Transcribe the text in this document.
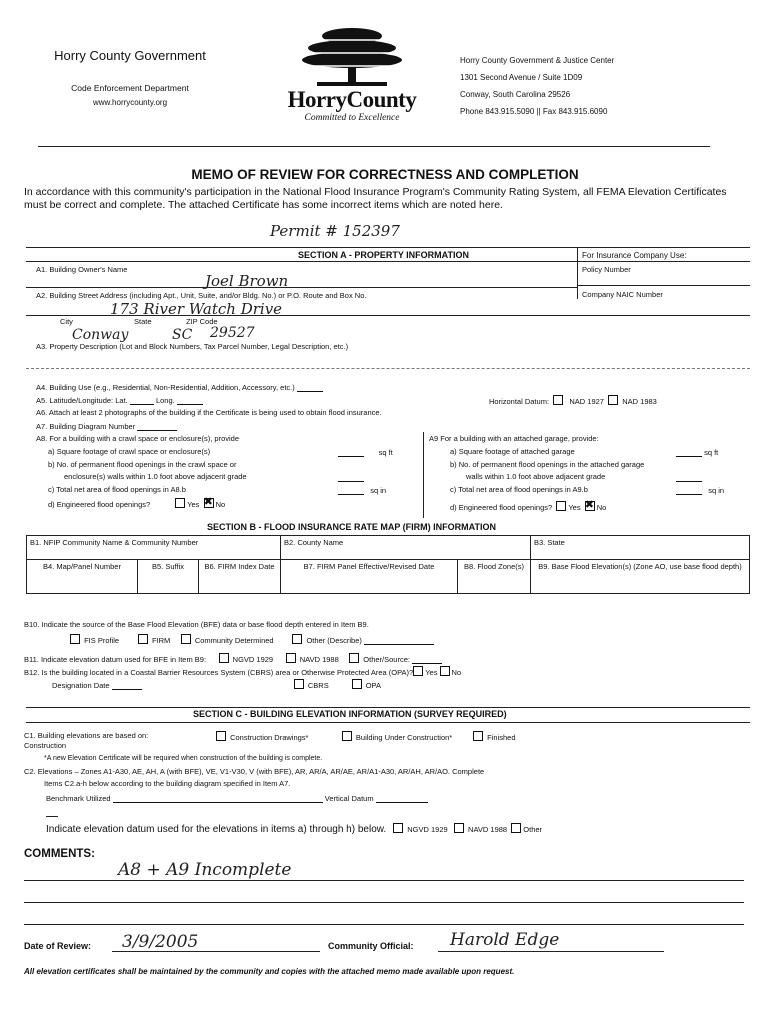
Horry County Government
Code Enforcement Department
www.horrycounty.org	HorryCounty
Committed to Excellence
Horry County Government & Justice Center
1301 Second Avenue / Suite 1D09
Conway, South Carolina 29526
Phone 843.915.5090 || Fax 843.915.6090
MEMO OF REVIEW FOR CORRECTNESS AND COMPLETION
In accordance with this community's participation in the National Flood Insurance Program's Community Rating System, all FEMA Elevation Certificates must be correct and complete. The attached Certificate has some incorrect items which are noted here.
Permit # 152397
SECTION A - PROPERTY INFORMATION	For Insurance Company Use:
Policy Number
Company NAIC Number
A1. Building Owner's Name
Joel Brown
A2. Building Street Address (including Apt., Unit, Suite, and/or Bldg. No.) or P.O. Route and Box No.
173 River Watch Drive
City	State	ZIP Code
Conway	SC 29527
A3. Property Description (Lot and Block Numbers, Tax Parcel Number, Legal Description, etc.)
A4. Building Use (e.g., Residential, Non-Residential, Addition, Accessory, etc.)
A5. Latitude/Longitude: Lat.	Long.	Horizontal Datum:	NAD 1927 NAD 1983
A6. Attach at least 2 photographs of the building if the Certificate is being used to obtain flood insurance.
A7. Building Diagram Number
A8. For a building with a crawl space or enclosure(s), provide
a) Square footage of crawl space or enclosure(s)	sq ft
b) No. of permanent flood openings in the crawl space or
enclosure(s) walls within 1.0 foot above adjacent grade
c) Total net area of flood openings in A8.b	sq in
d) Engineered flood openings?	Yes ✖ No
A9 For a building with an attached garage, provide:
a) Square footage of attached garage	sq ft
b) No. of permanent flood openings in the attached garage
walls within 1.0 foot above adjacent grade
c) Total net area of flood openings in A9.b	sq in
d) Engineered flood openings? Yes ✖ No
SECTION B - FLOOD INSURANCE RATE MAP (FIRM) INFORMATION
B1. NFIP Community Name & Community Number			B2. County Name		B3. State
B4. Map/Panel Number	B5. Suffix	B6. FIRM Index Date	B7. FIRM Panel Effective/Revised Date	B8. Flood Zone(s)	B9. Base Flood Elevation(s) (Zone AO, use base flood depth)
B10. Indicate the source of the Base Flood Elevation (BFE) data or base flood depth entered in Item B9.
FIS Profile	FIRM	Community Determined	Other (Describe)
B11. Indicate elevation datum used for BFE in Item B9:	NGVD 1929	NAVD 1988	Other/Source:
B12. Is the building located in a Coastal Barrier Resources System (CBRS) area or Otherwise Protected Area (OPA)? Yes No
Designation Date	CBRS	OPA
SECTION C - BUILDING ELEVATION INFORMATION (SURVEY REQUIRED)
C1. Building elevations are based on:	Construction Drawings*	Building Under Construction*	Finished
Construction
*A new Elevation Certificate will be required when construction of the building is complete.
C2. Elevations – Zones A1-A30, AE, AH, A (with BFE), VE, V1-V30, V (with BFE), AR, AR/A, AR/AE, AR/A1-A30, AR/AH, AR/AO. Complete
Items C2.a-h below according to the building diagram specified in Item A7.
Benchmark Utilized	Vertical Datum
Indicate elevation datum used for the elevations in items a) through h) below.	NGVD 1929	NAVD 1988 Other
COMMENTS:
A8 + A9 Incomplete
Date of Review: 3/9/2005	Community Official: Harold Edge
All elevation certificates shall be maintained by the community and copies with the attached memo made available upon request.
